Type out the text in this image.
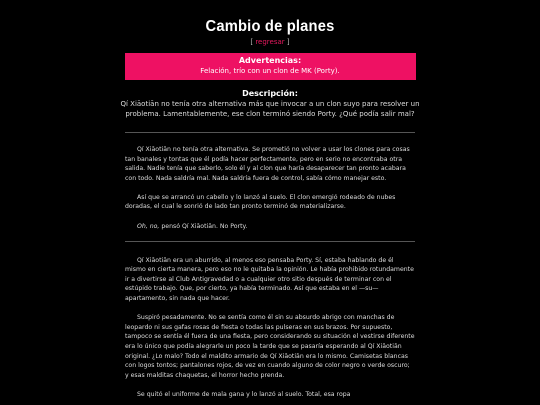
Cambio de planes
[ regresar ]
Advertencias:
Felación, trío con un clon de MK (Porty).
Descripción:
Qí Xiāotiān no tenía otra alternativa más que invocar a un clon suyo para resolver un problema. Lamentablemente, ese clon terminó siendo Porty. ¿Qué podía salir mal?

Qí Xiāotiān no tenía otra alternativa. Se prometió no volver a usar los clones para cosas tan banales y tontas que él podía hacer perfectamente, pero en serio no encontraba otra salida. Nadie tenía que saberlo, solo él y al clon que haría desaparecer tan pronto acabara con todo. Nada saldría mal. Nada saldría fuera de control, sabía cómo manejar esto.

Así que se arrancó un cabello y lo lanzó al suelo. El clon emergió rodeado de nubes doradas, el cual le sonrió de lado tan pronto terminó de materializarse.

Oh, no, pensó Qí Xiāotiān. No Porty.

Qí Xiāotiān era un aburrido, al menos eso pensaba Porty. Sí, estaba hablando de él mismo en cierta manera, pero eso no le quitaba la opinión. Le había prohibido rotundamente ir a divertirse al Club Antigravedad o a cualquier otro sitio después de terminar con el estúpido trabajo. Que, por cierto, ya había terminado. Así que estaba en el —su— apartamento, sin nada que hacer.

Suspiró pesadamente. No se sentía como él sin su absurdo abrigo con manchas de leopardo ni sus gafas rosas de fiesta o todas las pulseras en sus brazos. Por supuesto, tampoco se sentía él fuera de una fiesta, pero considerando su situación el vestirse diferente era lo único que podía alegrarle un poco la tarde que se pasaría esperando al Qí Xiāotiān original. ¿Lo malo? Todo el maldito armario de Qí Xiāotiān era lo mismo. Camisetas blancas con logos tontos; pantalones rojos, de vez en cuando alguno de color negro o verde oscuro; y esas malditas chaquetas, el horror hecho prenda.

Se quitó el uniforme de mala gana y lo lanzó al suelo. Total, esa ropa
